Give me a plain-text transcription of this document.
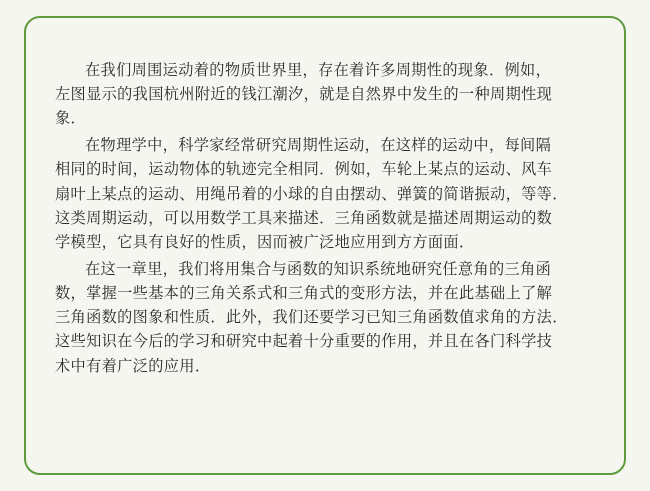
在我们周围运动着的物质世界里，存在着许多周期性的现象．例如，
左图显示的我国杭州附近的钱江潮汐，就是自然界中发生的一种周期性现
象．

在物理学中，科学家经常研究周期性运动，在这样的运动中，每间隔
相同的时间，运动物体的轨迹完全相同．例如，车轮上某点的运动、风车
扇叶上某点的运动、用绳吊着的小球的自由摆动、弹簧的简谐振动，等等．
这类周期运动，可以用数学工具来描述．三角函数就是描述周期运动的数
学模型，它具有良好的性质，因而被广泛地应用到方方面面．

在这一章里，我们将用集合与函数的知识系统地研究任意角的三角函
数，掌握一些基本的三角关系式和三角式的变形方法，并在此基础上了解
三角函数的图象和性质．此外，我们还要学习已知三角函数值求角的方法．
这些知识在今后的学习和研究中起着十分重要的作用，并且在各门科学技
术中有着广泛的应用．
